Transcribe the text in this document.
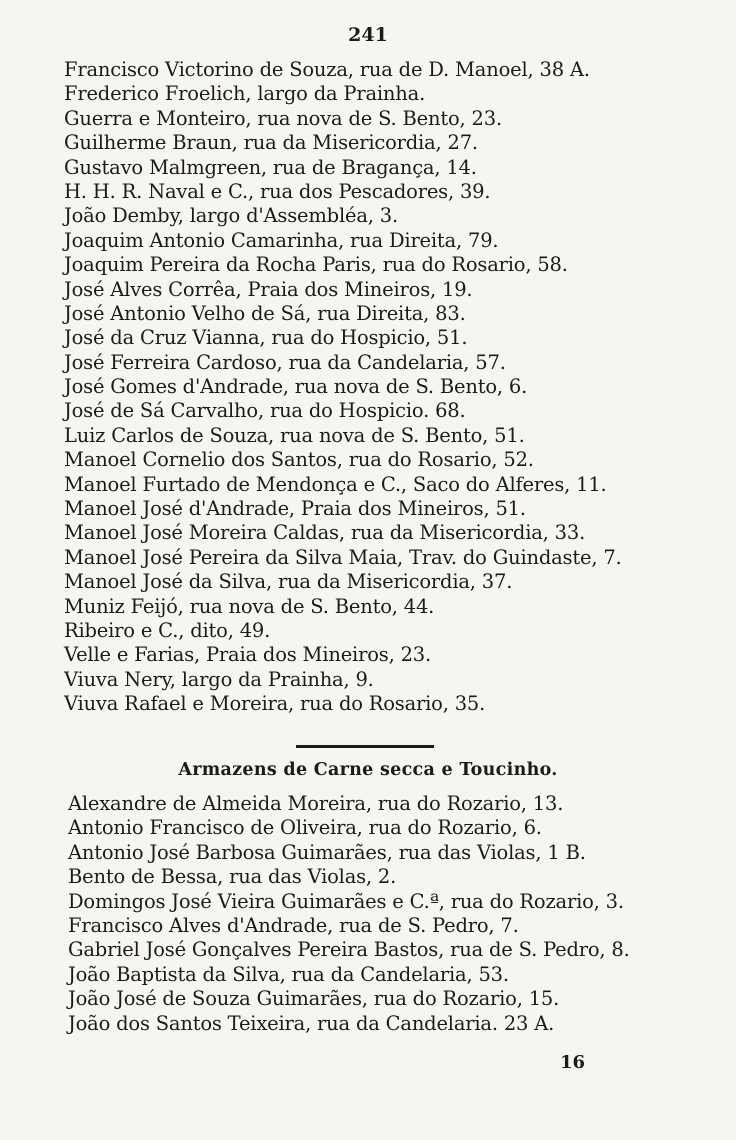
241
Francisco Victorino de Souza, rua de D. Manoel, 38 A.
Frederico Froelich, largo da Prainha.
Guerra e Monteiro, rua nova de S. Bento, 23.
Guilherme Braun, rua da Misericordia, 27.
Gustavo Malmgreen, rua de Bragança, 14.
H. H. R. Naval e C., rua dos Pescadores, 39.
João Demby, largo d'Assembléa, 3.
Joaquim Antonio Camarinha, rua Direita, 79.
Joaquim Pereira da Rocha Paris, rua do Rosario, 58.
José Alves Corrêa, Praia dos Mineiros, 19.
José Antonio Velho de Sá, rua Direita, 83.
José da Cruz Vianna, rua do Hospicio, 51.
José Ferreira Cardoso, rua da Candelaria, 57.
José Gomes d'Andrade, rua nova de S. Bento, 6.
José de Sá Carvalho, rua do Hospicio. 68.
Luiz Carlos de Souza, rua nova de S. Bento, 51.
Manoel Cornelio dos Santos, rua do Rosario, 52.
Manoel Furtado de Mendonça e C., Saco do Alferes, 11.
Manoel José d'Andrade, Praia dos Mineiros, 51.
Manoel José Moreira Caldas, rua da Misericordia, 33.
Manoel José Pereira da Silva Maia, Trav. do Guindaste, 7.
Manoel José da Silva, rua da Misericordia, 37.
Muniz Feijó, rua nova de S. Bento, 44.
Ribeiro e C., dito, 49.
Velle e Farias, Praia dos Mineiros, 23.
Viuva Nery, largo da Prainha, 9.
Viuva Rafael e Moreira, rua do Rosario, 35.
Armazens de Carne secca e Toucinho.
Alexandre de Almeida Moreira, rua do Rozario, 13.
Antonio Francisco de Oliveira, rua do Rozario, 6.
Antonio José Barbosa Guimarães, rua das Violas, 1 B.
Bento de Bessa, rua das Violas, 2.
Domingos José Vieira Guimarães e C.ª, rua do Rozario, 3.
Francisco Alves d'Andrade, rua de S. Pedro, 7.
Gabriel José Gonçalves Pereira Bastos, rua de S. Pedro, 8.
João Baptista da Silva, rua da Candelaria, 53.
João José de Souza Guimarães, rua do Rozario, 15.
João dos Santos Teixeira, rua da Candelaria. 23 A.
16
